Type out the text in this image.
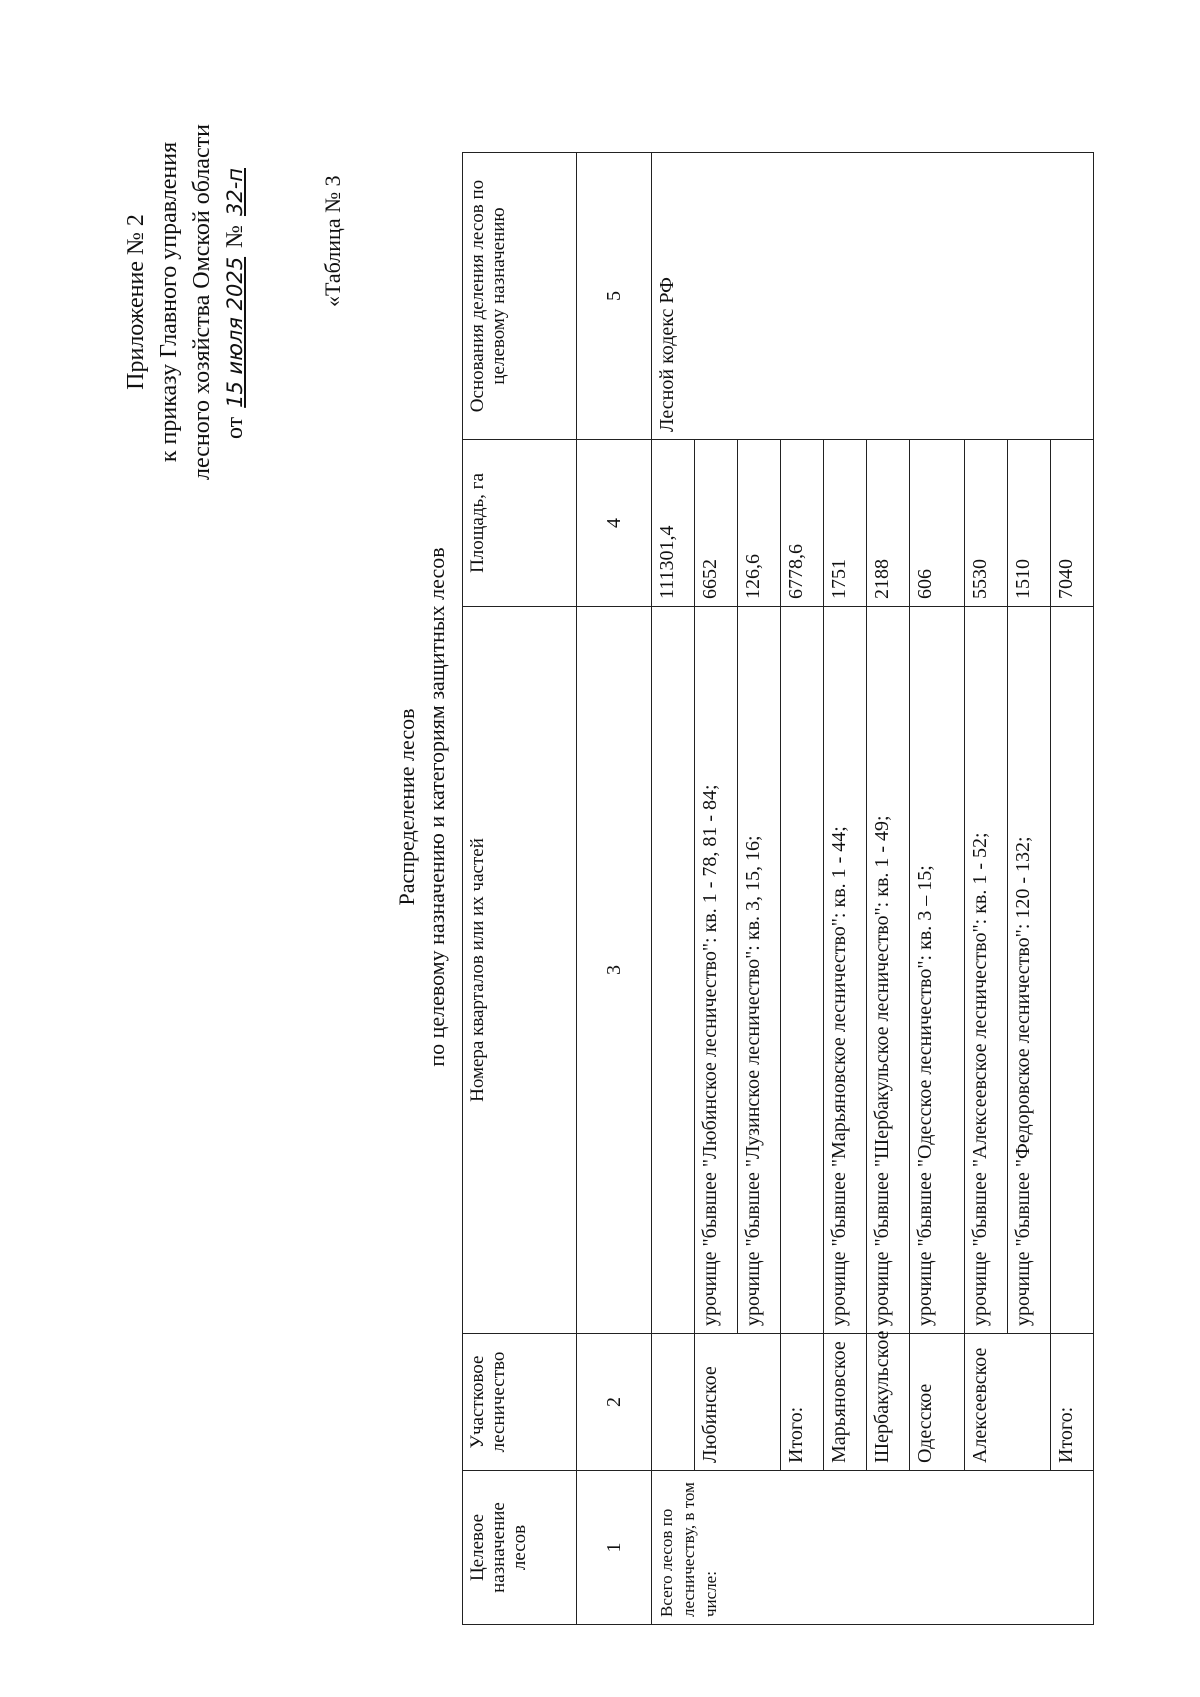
Приложение № 2 к приказу Главного управления лесного хозяйства Омской области от 15 июля 2025 № 32-п	«Таблица № 3
Распределение лесов по целевому назначению и категориям защитных лесов
Целевое назначение лесов	Участковое лесничество	Номера кварталов или их частей	Площадь, га	Основания деления лесов по целевому назначению
1	2	3	4	5
Всего лесов по лесничеству, в том числе:			111301,4	Лесной кодекс РФ
	Любинское	урочище "бывшее "Любинское лесничество": кв. 1 - 78, 81 - 84;	6652	
		урочище "бывшее "Лузинское лесничество": кв. 3, 15, 16;	126,6	
	Итого:		6778,6	
	Марьяновское	урочище "бывшее "Марьяновское лесничество": кв. 1 - 44;	1751	
	Шербакульское	урочище "бывшее "Шербакульское лесничество": кв. 1 - 49;	2188	
	Одесское	урочище "бывшее "Одесское лесничество": кв. 3 – 15;	606	
	Алексеевское	урочище "бывшее "Алексеевское лесничество": кв. 1 - 52;	5530	
		урочище "бывшее "Федоровское лесничество": 120 - 132;	1510	
	Итого:		7040	
